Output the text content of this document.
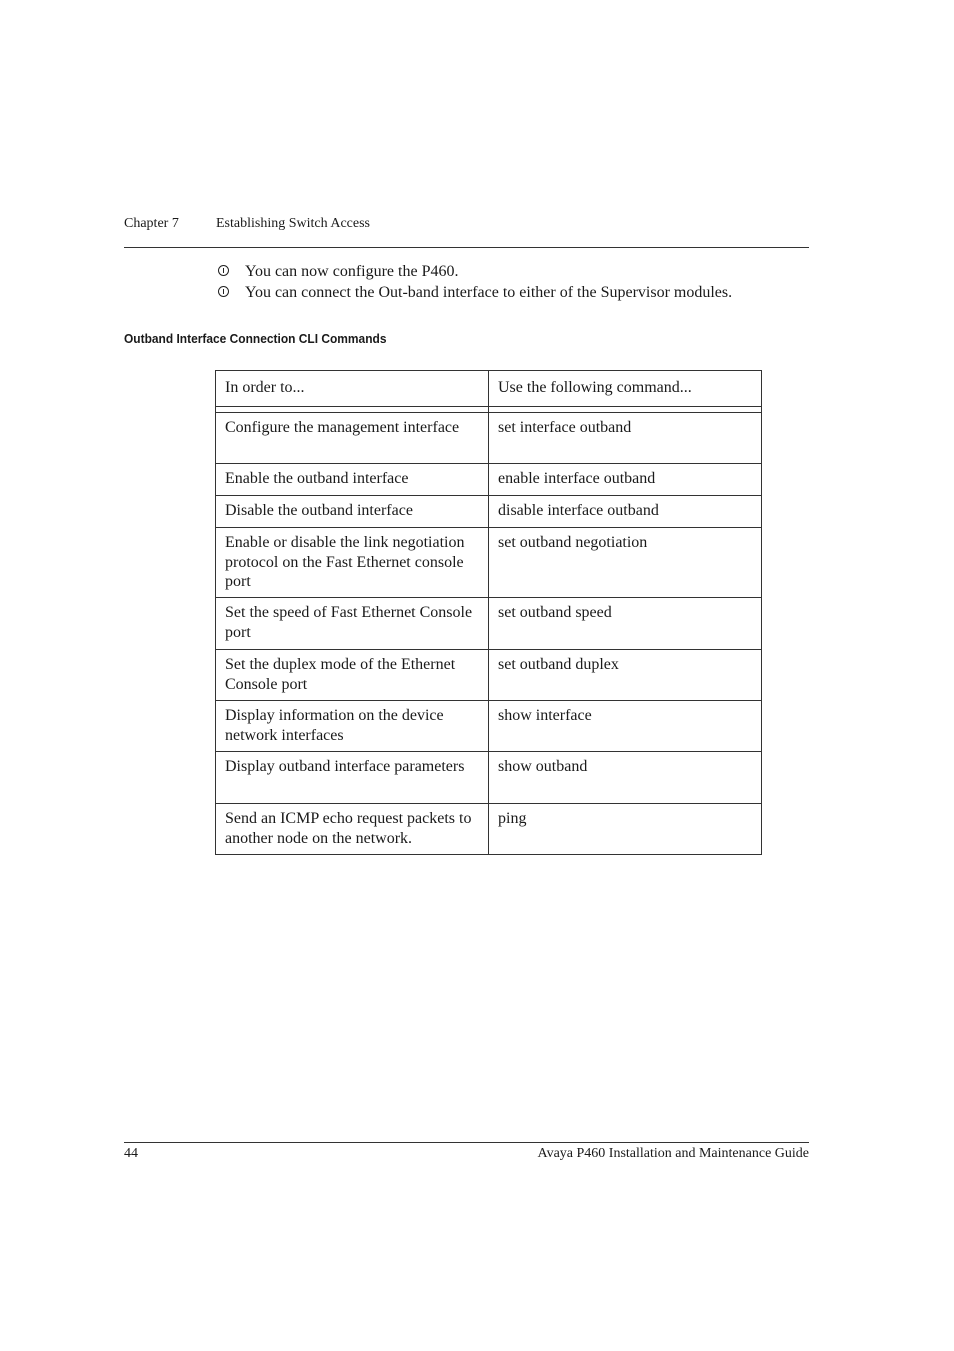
Chapter 7	Establishing Switch Access
You can now configure the P460.
You can connect the Out-band interface to either of the Supervisor modules.
Outband Interface Connection CLI Commands
In order to...	Use the following command...

Configure the management interface	set interface outband
Enable the outband interface	enable interface outband
Disable the outband interface	disable interface outband
Enable or disable the link negotiation protocol on the Fast Ethernet console port	set outband negotiation
Set the speed of Fast Ethernet Console port	set outband speed
Set the duplex mode of the Ethernet Console port	set outband duplex
Display information on the device network interfaces	show interface
Display outband interface parameters	show outband
Send an ICMP echo request packets to another node on the network.	ping
44	Avaya P460 Installation and Maintenance Guide
